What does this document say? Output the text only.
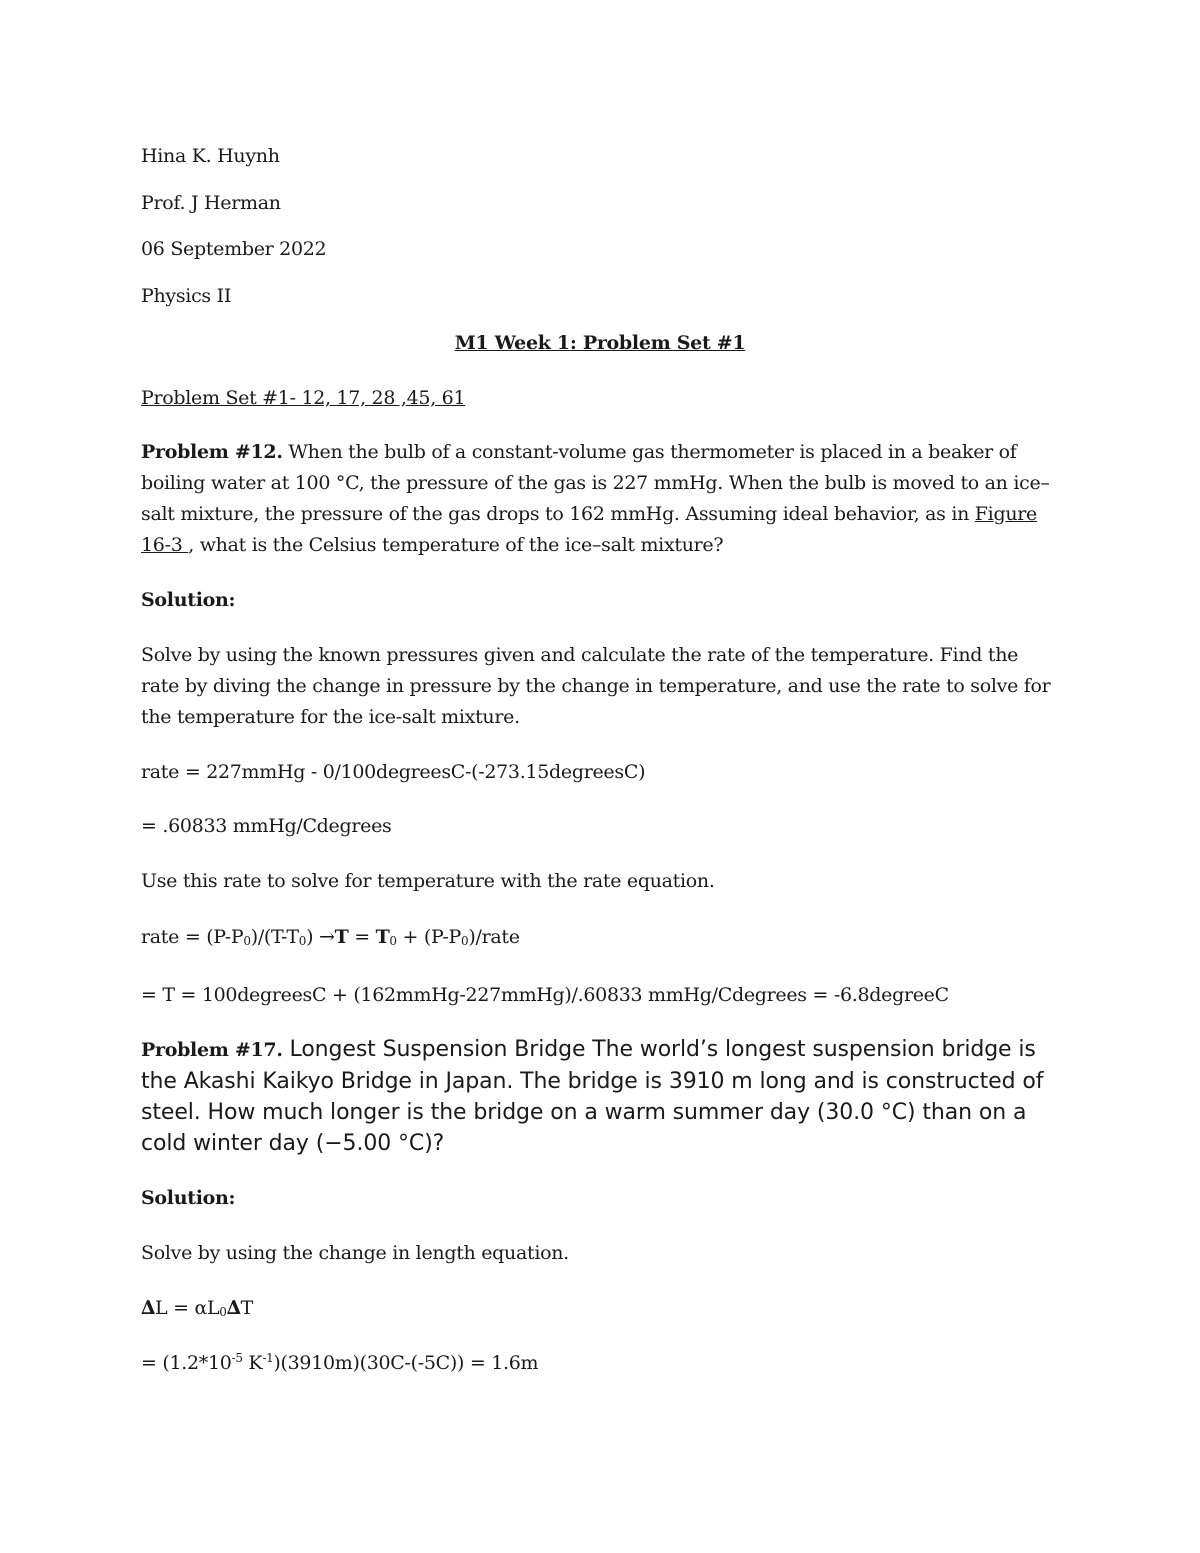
Hina K. Huynh

Prof. J Herman

06 September 2022

Physics II

M1 Week 1: Problem Set #1

Problem Set #1- 12, 17, 28 ,45, 61

Problem #12. When the bulb of a constant-volume gas thermometer is placed in a beaker of boiling water at 100 °C, the pressure of the gas is 227 mmHg. When the bulb is moved to an ice–salt mixture, the pressure of the gas drops to 162 mmHg. Assuming ideal behavior, as in Figure 16-3 , what is the Celsius temperature of the ice–salt mixture?

Solution:

Solve by using the known pressures given and calculate the rate of the temperature. Find the rate by diving the change in pressure by the change in temperature, and use the rate to solve for the temperature for the ice-salt mixture.

rate = 227mmHg - 0/100degreesC-(-273.15degreesC)

= .60833 mmHg/Cdegrees

Use this rate to solve for temperature with the rate equation.

rate = $(P-P_0)/(T-T_0) \to T = T_0$ + $(P-P_0)$/rate

= T = 100degreesC + (162mmHg-227mmHg)/.60833 mmHg/Cdegrees = -6.8degreeC

Problem #17. Longest Suspension Bridge The world’s longest suspension bridge is the Akashi Kaikyo Bridge in Japan. The bridge is 3910 m long and is constructed of steel. How much longer is the bridge on a warm summer day (30.0 °C) than on a cold winter day (−5.00 °C)?

Solution:

Solve by using the change in length equation.

$\Delta L = \alpha L_0\Delta T$

= ($1.2*10^{-5}$ $K^{-1})(3910m)(30C-(-5C)) = 1.6m$
